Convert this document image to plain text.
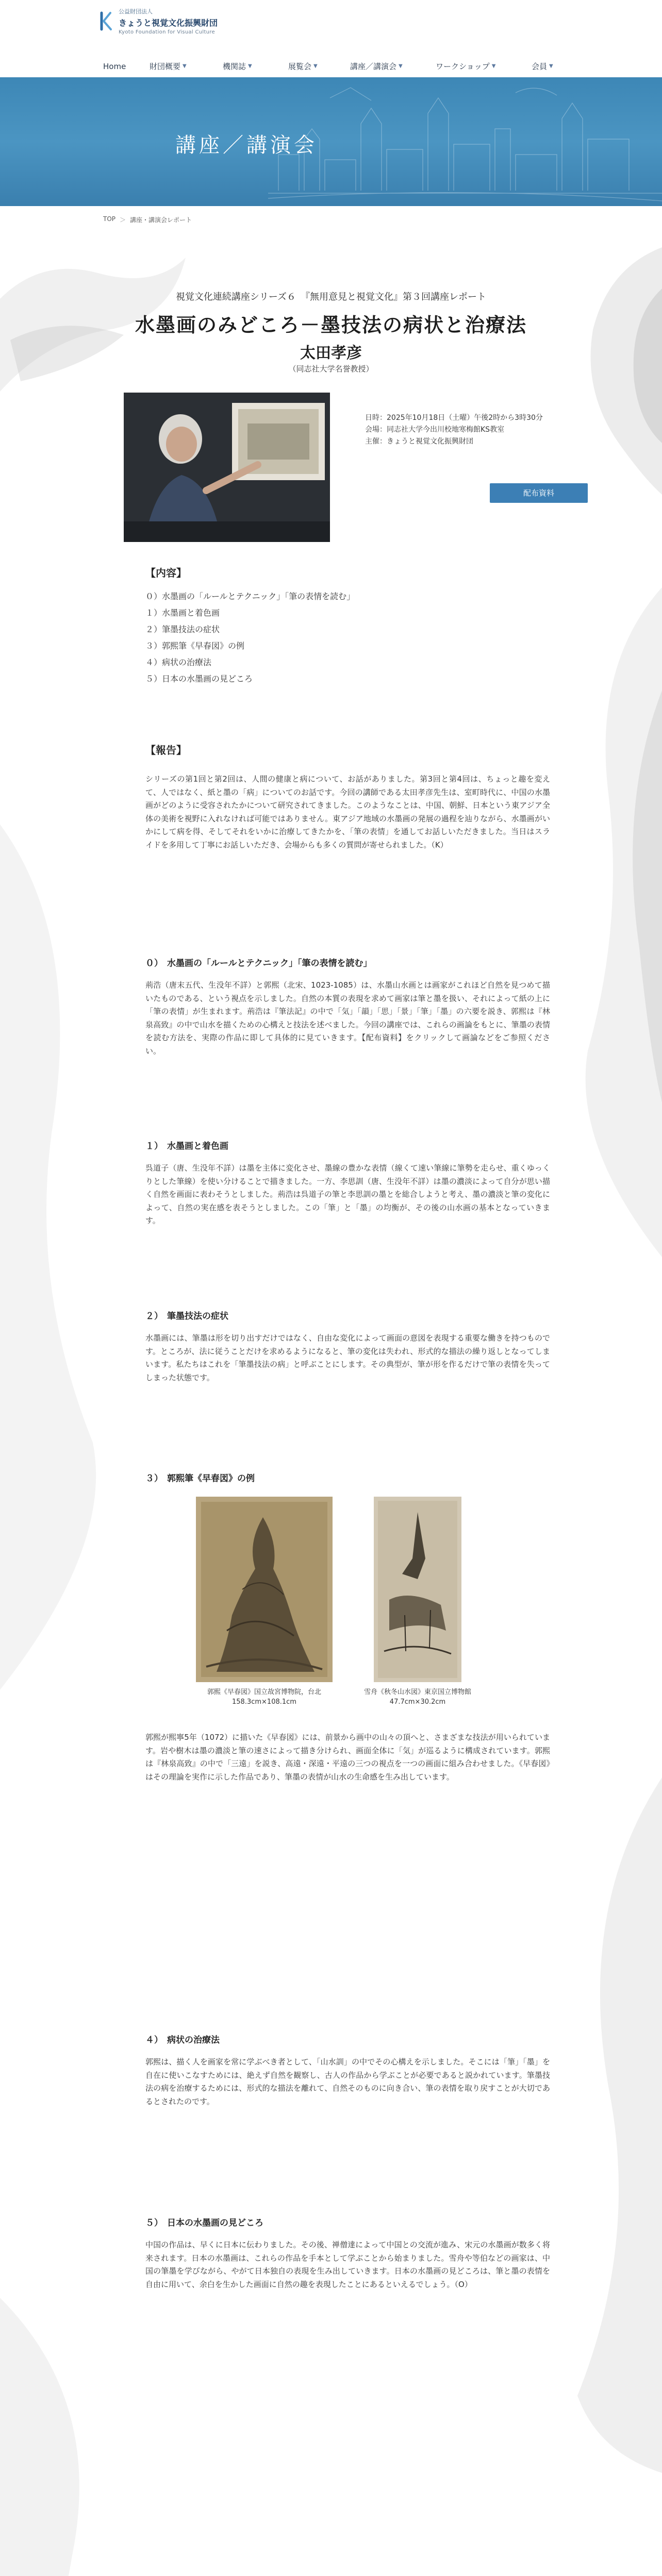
公益財団法人
きょうと視覚文化振興財団
Kyoto Foundation for Visual Culture
Home	財団概要 ▼	機関誌 ▼	展覧会 ▼	講座／講演会 ▼	ワークショップ ▼	会員 ▼
講座／講演会
TOP ＞ 講座・講演会レポート
視覚文化連続講座シリーズ６　『無用意見と視覚文化』第３回講座レポート
水墨画のみどころ－墨技法の病状と治療法
太田孝彦
（同志社大学名誉教授）
日時：2025年10月18日（土曜）午後2時から3時30分
会場：同志社大学今出川校地寒梅館KS教室
主催：きょうと視覚文化振興財団
配布資料
【内容】
０）水墨画の「ルールとテクニック」「筆の表情を読む」
１）水墨画と着色画
２）筆墨技法の症状
３）郭熙筆《早春図》の例
４）病状の治療法
５）日本の水墨画の見どころ
【報告】
シリーズの第1回と第2回は、人間の健康と病について、お話がありました。第3回と第4回は、ちょっと趣を変えて、人ではなく、紙と墨の「病」についてのお話です。今回の講師である太田孝彦先生は、室町時代に、中国の水墨画がどのように受容されたかについて研究されてきました。このようなことは、中国、朝鮮、日本という東アジア全体の美術を視野に入れなければ可能ではありません。東アジア地域の水墨画の発展の過程を辿りながら、水墨画がいかにして病を得、そしてそれをいかに治療してきたかを、「筆の表情」を通してお話しいただきました。当日はスライドを多用して丁寧にお話しいただき、会場からも多くの質問が寄せられました。（K）
０） 水墨画の「ルールとテクニック」「筆の表情を読む」
荊浩（唐末五代、生没年不詳）と郭熙（北宋、1023-1085）は、水墨山水画とは画家がこれほど自然を見つめて描いたものである、という視点を示しました。自然の本質の表現を求めて画家は筆と墨を扱い、それによって紙の上に「筆の表情」が生まれます。荊浩は『筆法記』の中で「気」「韻」「思」「景」「筆」「墨」の六要を説き、郭熙は『林泉高致』の中で山水を描くための心構えと技法を述べました。今回の講座では、これらの画論をもとに、筆墨の表情を読む方法を、実際の作品に即して具体的に見ていきます。【配布資料】をクリックして画論などをご参照ください。
１） 水墨画と着色画
呉道子（唐、生没年不詳）は墨を主体に変化させ、墨線の豊かな表情（線くて速い筆線に筆勢を走らせ、重くゆっくりとした筆線）を使い分けることで描きました。一方、李思訓（唐、生没年不詳）は墨の濃淡によって自分が思い描く自然を画面に表わそうとしました。荊浩は呉道子の筆と李思訓の墨とを総合しようと考え、墨の濃淡と筆の変化によって、自然の実在感を表そうとしました。この「筆」と「墨」の均衡が、その後の山水画の基本となっていきます。
２） 筆墨技法の症状
水墨画には、筆墨は形を切り出すだけではなく、自由な変化によって画面の意図を表現する重要な働きを持つものです。ところが、法に従うことだけを求めるようになると、筆の変化は失われ、形式的な描法の繰り返しとなってしまいます。私たちはこれを「筆墨技法の病」と呼ぶことにします。その典型が、筆が形を作るだけで筆の表情を失ってしまった状態です。
３） 郭熙筆《早春図》の例
郭熙《早春図》国立故宮博物院，台北
158.3cm×108.1cm
雪舟《秋冬山水図》東京国立博物館
47.7cm×30.2cm
郭熙が熙寧5年（1072）に描いた《早春図》には、前景から画中の山々の頂へと、さまざまな技法が用いられています。岩や樹木は墨の濃淡と筆の速さによって描き分けられ、画面全体に「気」が巡るように構成されています。郭熙は『林泉高致』の中で「三遠」を説き、高遠・深遠・平遠の三つの視点を一つの画面に組み合わせました。《早春図》はその理論を実作に示した作品であり、筆墨の表情が山水の生命感を生み出しています。
４） 病状の治療法
郭熙は、描く人を画家を常に学ぶべき者として、「山水訓」の中でその心構えを示しました。そこには「筆」「墨」を自在に使いこなすためには、絶えず自然を観察し、古人の作品から学ぶことが必要であると説かれています。筆墨技法の病を治療するためには、形式的な描法を離れて、自然そのものに向き合い、筆の表情を取り戻すことが大切であるとされたのです。
５） 日本の水墨画の見どころ
中国の作品は、早くに日本に伝わりました。その後、禅僧達によって中国との交流が進み、宋元の水墨画が数多く将来されます。日本の水墨画は、これらの作品を手本として学ぶことから始まりました。雪舟や等伯などの画家は、中国の筆墨を学びながら、やがて日本独自の表現を生み出していきます。日本の水墨画の見どころは、筆と墨の表情を自由に用いて、余白を生かした画面に自然の趣を表現したことにあるといえるでしょう。（O）
